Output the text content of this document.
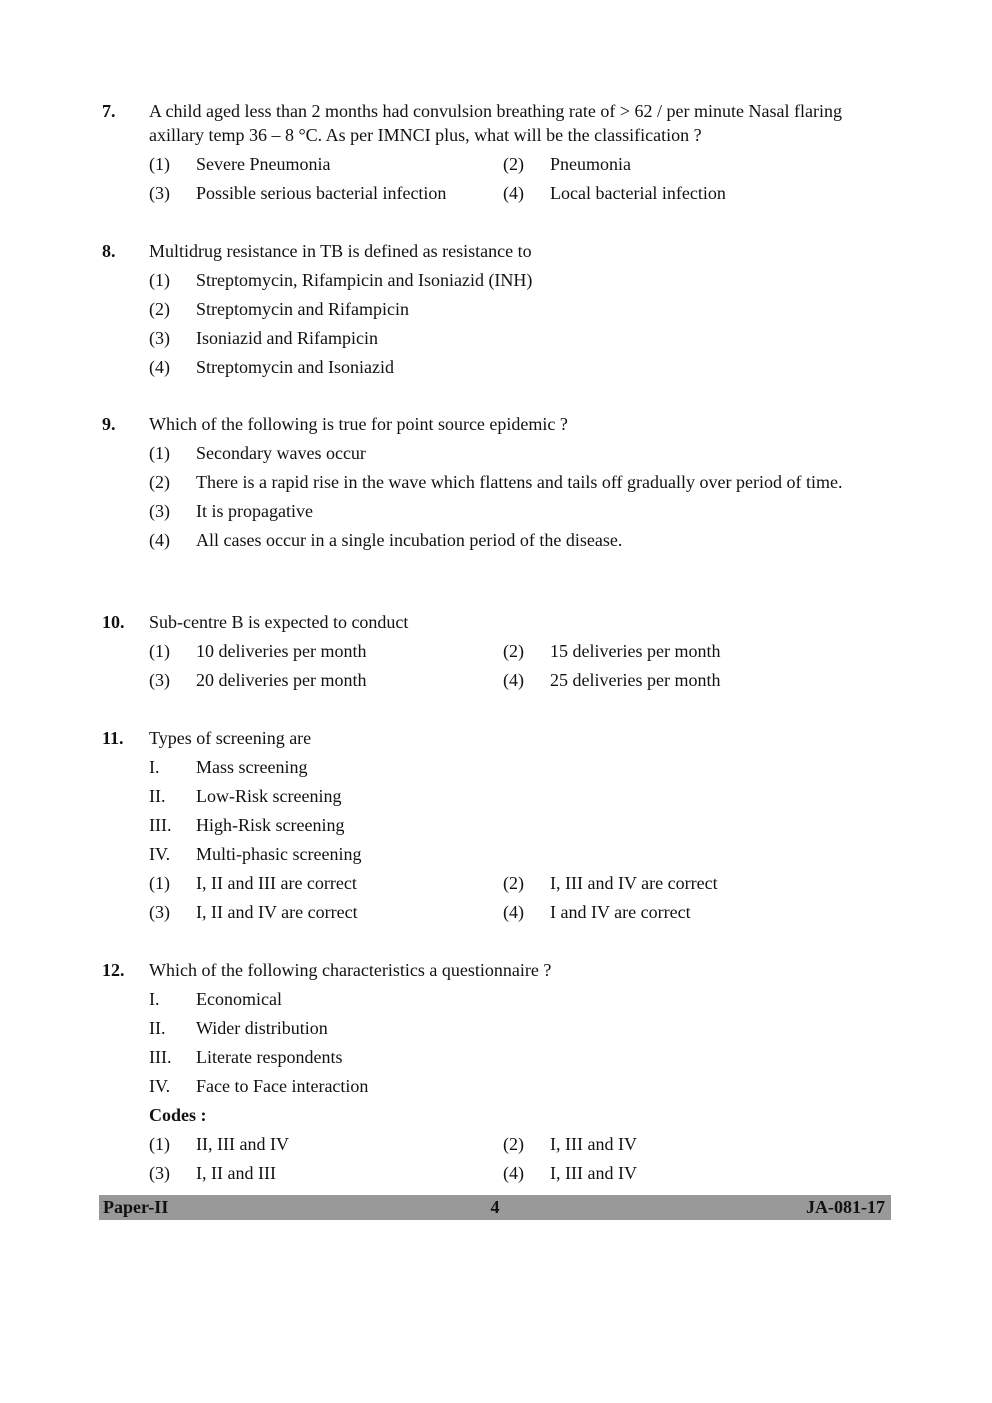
7.	A child aged less than 2 months had convulsion breathing rate of > 62 / per minute Nasal flaring axillary temp 36 – 8 °C. As per IMNCI plus, what will be the classification ?
(1)	Severe Pneumonia	(2)	Pneumonia
(3)	Possible serious bacterial infection	(4)	Local bacterial infection
8.	Multidrug resistance in TB is defined as resistance to
(1)	Streptomycin, Rifampicin and Isoniazid (INH)
(2)	Streptomycin and Rifampicin
(3)	Isoniazid and Rifampicin
(4)	Streptomycin and Isoniazid
9.	Which of the following is true for point source epidemic ?
(1)	Secondary waves occur
(2)	There is a rapid rise in the wave which flattens and tails off gradually over period of time.
(3)	It is propagative
(4)	All cases occur in a single incubation period of the disease.
10.	Sub-centre B is expected to conduct
(1)	10 deliveries per month	(2)	15 deliveries per month
(3)	20 deliveries per month	(4)	25 deliveries per month
11.	Types of screening are
I.	Mass screening
II.	Low-Risk screening
III.	High-Risk screening
IV.	Multi-phasic screening
(1)	I, II and III are correct	(2)	I, III and IV are correct
(3)	I, II and IV are correct	(4)	I and IV are correct
12.	Which of the following characteristics a questionnaire ?
I.	Economical
II.	Wider distribution
III.	Literate respondents
IV.	Face to Face interaction
Codes :
(1)	II, III and IV	(2)	I, III and IV
(3)	I, II and III	(4)	I, III and IV
Paper-II	4	JA-081-17
